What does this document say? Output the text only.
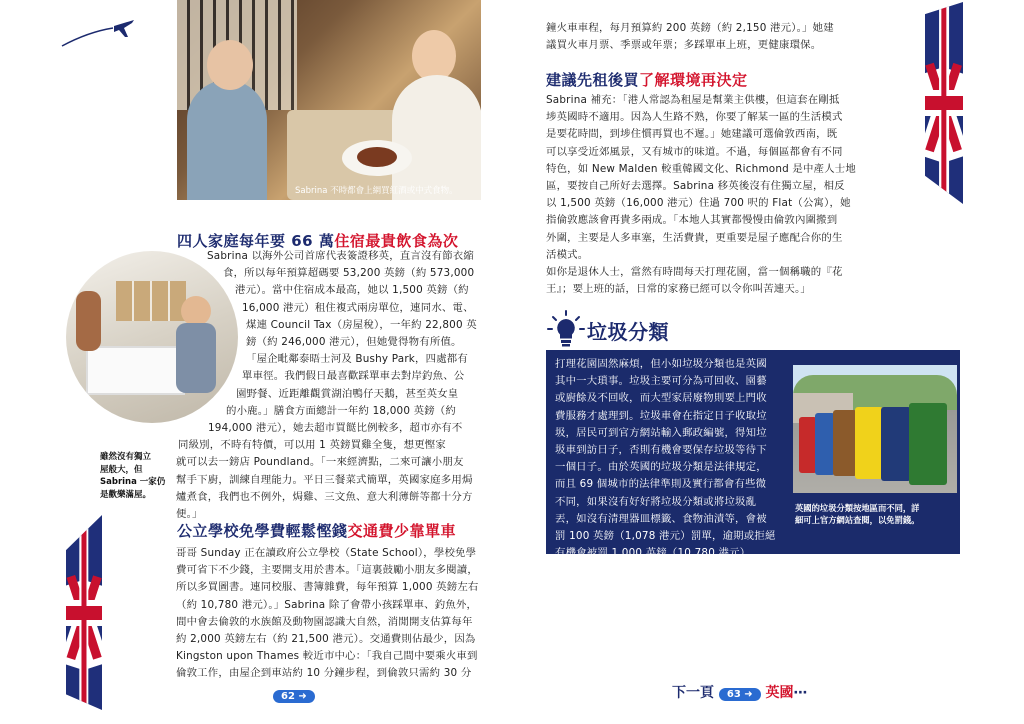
Sabrina 不時都會上網買紅酒或中式食物。
四人家庭每年要 66 萬住宿最貴飲食為次
Sabrina 以海外公司首席代表簽證移英，直言沒有節衣縮
食，所以每年預算超碼要 53,200 英鎊（約 573,000
港元）。當中住宿成本最高，她以 1,500 英鎊（約
16,000 港元）租住複式兩房單位，連同水、電、
煤連 Council Tax（房屋稅），一年約 22,800 英
鎊（約 246,000 港元），但她覺得物有所值。
「屋企毗鄰泰晤士河及 Bushy Park，四處都有
單車徑。我們假日最喜歡踩單車去對岸釣魚、公
園野餐、近距離觀賞湖泊鴨仔天鵝，甚至英女皇
的小鹿。」膳食方面總計一年約 18,000 英鎊（約
194,000 港元），她去超市買餸比例較多，超市亦有不
同級別，不時有特價，可以用 1 英鎊買雞全隻，想更慳家
就可以去一鎊店 Poundland。「一來經濟點，二來可讓小朋友
幫手下廚，訓練自理能力。平日三餐菜式簡單，英國家庭多用焗
爐煮食，我們也不例外，焗雞、三文魚、意大利薄餅等都十分方
便。」
雖然沒有獨立
屋般大，但
Sabrina 一家仍
是歡樂滿屋。
公立學校免學費輕鬆慳錢交通費少靠單車
哥哥 Sunday 正在讀政府公立學校（State School），學校免學
費可省下不少錢，主要開支用於書本。「這裏鼓勵小朋友多閱讀，
所以多買圖書。連同校服、書簿雜費，每年預算 1,000 英鎊左右
（約 10,780 港元）。」Sabrina 除了會帶小孩踩單車、釣魚外，
間中會去倫敦的水族館及動物園認識大自然，消閒開支估算每年
約 2,000 英鎊左右（約 21,500 港元）。交通費則佔最少，因為
Kingston upon Thames 較近市中心：「我自己間中要乘火車到
倫敦工作，由屋企到車站約 10 分鐘步程，到倫敦只需約 30 分
62 ➜
鐘火車車程，每月預算約 200 英鎊（約 2,150 港元）。」她建
議買火車月票、季票或年票；多踩單車上班，更健康環保。
建議先租後買了解環境再決定
Sabrina 補充：「港人常認為租屋是幫業主供樓，但這套在剛抵
埗英國時不適用。因為人生路不熟，你要了解某一區的生活模式
是要花時間，到埗住慣再買也不遲。」她建議可選倫敦西南，既
可以享受近郊風景，又有城市的味道。不過，每個區都會有不同
特色，如 New Malden 較重韓國文化、Richmond 是中產人士地
區，要按自己所好去選擇。Sabrina 移英後沒有住獨立屋，相反
以 1,500 英鎊（16,000 港元）住過 700 呎的 Flat（公寓），她
指倫敦應該會再貴多兩成。「本地人其實都慢慢由倫敦內圍搬到
外圍，主要是人多車塞，生活費貴，更重要是屋子應配合你的生
活模式。
如你是退休人士，當然有時間每天打理花園，當一個稱職的『花
王』；要上班的話，日常的家務已經可以令你叫苦連天。」
垃圾分類
打理花園固然麻煩，但小如垃圾分類也是英國
其中一大瑣事。垃圾主要可分為可回收、園藝
或廚餘及不回收，而大型家居廢物則要上門收
費服務才處理到。垃圾車會在指定日子收取垃
圾，居民可到官方網站輸入郵政編號，得知垃
圾車到訪日子，否則有機會要保存垃圾等待下
一個日子。由於英國的垃圾分類是法律規定，
而且 69 個城市的法律準則及實行都會有些微
不同，如果沒有好好將垃圾分類或將垃圾亂
丟，如沒有清理器皿標籤、食物油漬等，會被
罰 100 英鎊（1,078 港元）罰單，逾期或拒絕
有機會被罰 1,000 英鎊（10,780 港元）。
英國的垃圾分類按地區而不同，詳
細可上官方網站查閱，以免罰錢。
下一頁 63 ➜ 英國⋯
